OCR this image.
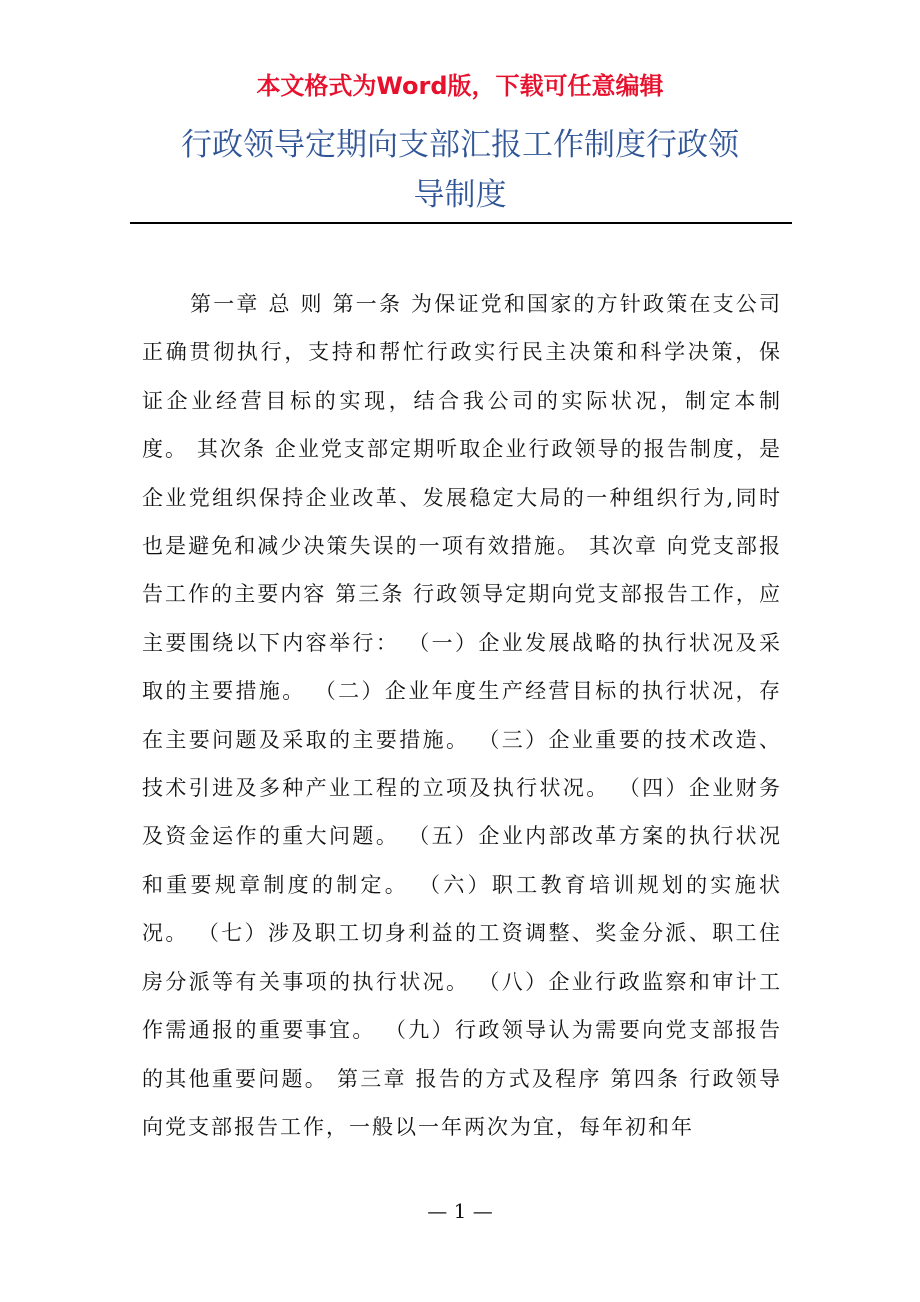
本文格式为Word版，下载可任意编辑
行政领导定期向支部汇报工作制度行政领
导制度

第一章 总 则 第一条 为保证党和国家的方针政策在支公司正确贯彻执行，支持和帮忙行政实行民主决策和科学决策，保证企业经营目标的实现，结合我公司的实际状况，制定本制度。 其次条 企业党支部定期听取企业行政领导的报告制度，是企业党组织保持企业改革、发展稳定大局的一种组织行为,同时也是避免和减少决策失误的一项有效措施。 其次章 向党支部报告工作的主要内容 第三条 行政领导定期向党支部报告工作，应主要围绕以下内容举行： （一）企业发展战略的执行状况及采取的主要措施。 （二）企业年度生产经营目标的执行状况，存在主要问题及采取的主要措施。 （三）企业重要的技术改造、技术引进及多种产业工程的立项及执行状况。 （四）企业财务及资金运作的重大问题。 （五）企业内部改革方案的执行状况和重要规章制度的制定。 （六）职工教育培训规划的实施状况。 （七）涉及职工切身利益的工资调整、奖金分派、职工住房分派等有关事项的执行状况。 （八）企业行政监察和审计工作需通报的重要事宜。 （九）行政领导认为需要向党支部报告的其他重要问题。 第三章 报告的方式及程序 第四条 行政领导向党支部报告工作，一般以一年两次为宜，每年初和年

— 1 —
